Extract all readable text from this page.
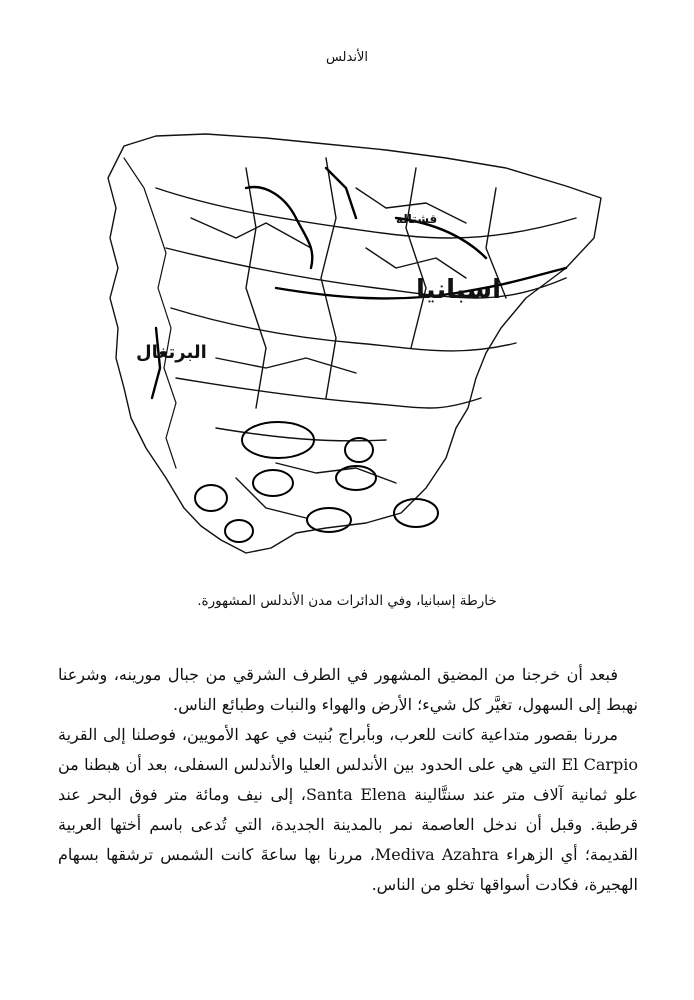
الأندلس
قشتالة
اسبانيا
البرتغال
خارطة إسبانيا، وفي الدائرات مدن الأندلس المشهورة.

فبعد أن خرجنا من المضيق المشهور في الطرف الشرقي من جبال مورينه، وشرعنا نهبط إلى السهول، تغيَّر كل شيء؛ الأرض والهواء والنبات وطبائع الناس.

مررنا بقصور متداعية كانت للعرب، وبأبراج بُنيت في عهد الأمويين، فوصلنا إلى القرية El Carpio التي هي على الحدود بين الأندلس العليا والأندلس السفلى، بعد أن هبطنا من علو ثمانية آلاف متر عند سنتَّالينة Santa Elena، إلى نيف ومائة متر فوق البحر عند قرطبة. وقبل أن ندخل العاصمة نمر بالمدينة الجديدة، التي تُدعى باسم أختها العربية القديمة؛ أي الزهراء Mediva Azahra، مررنا بها ساعةَ كانت الشمس ترشقها بسهام الهجيرة، فكادت أسواقها تخلو من الناس.
